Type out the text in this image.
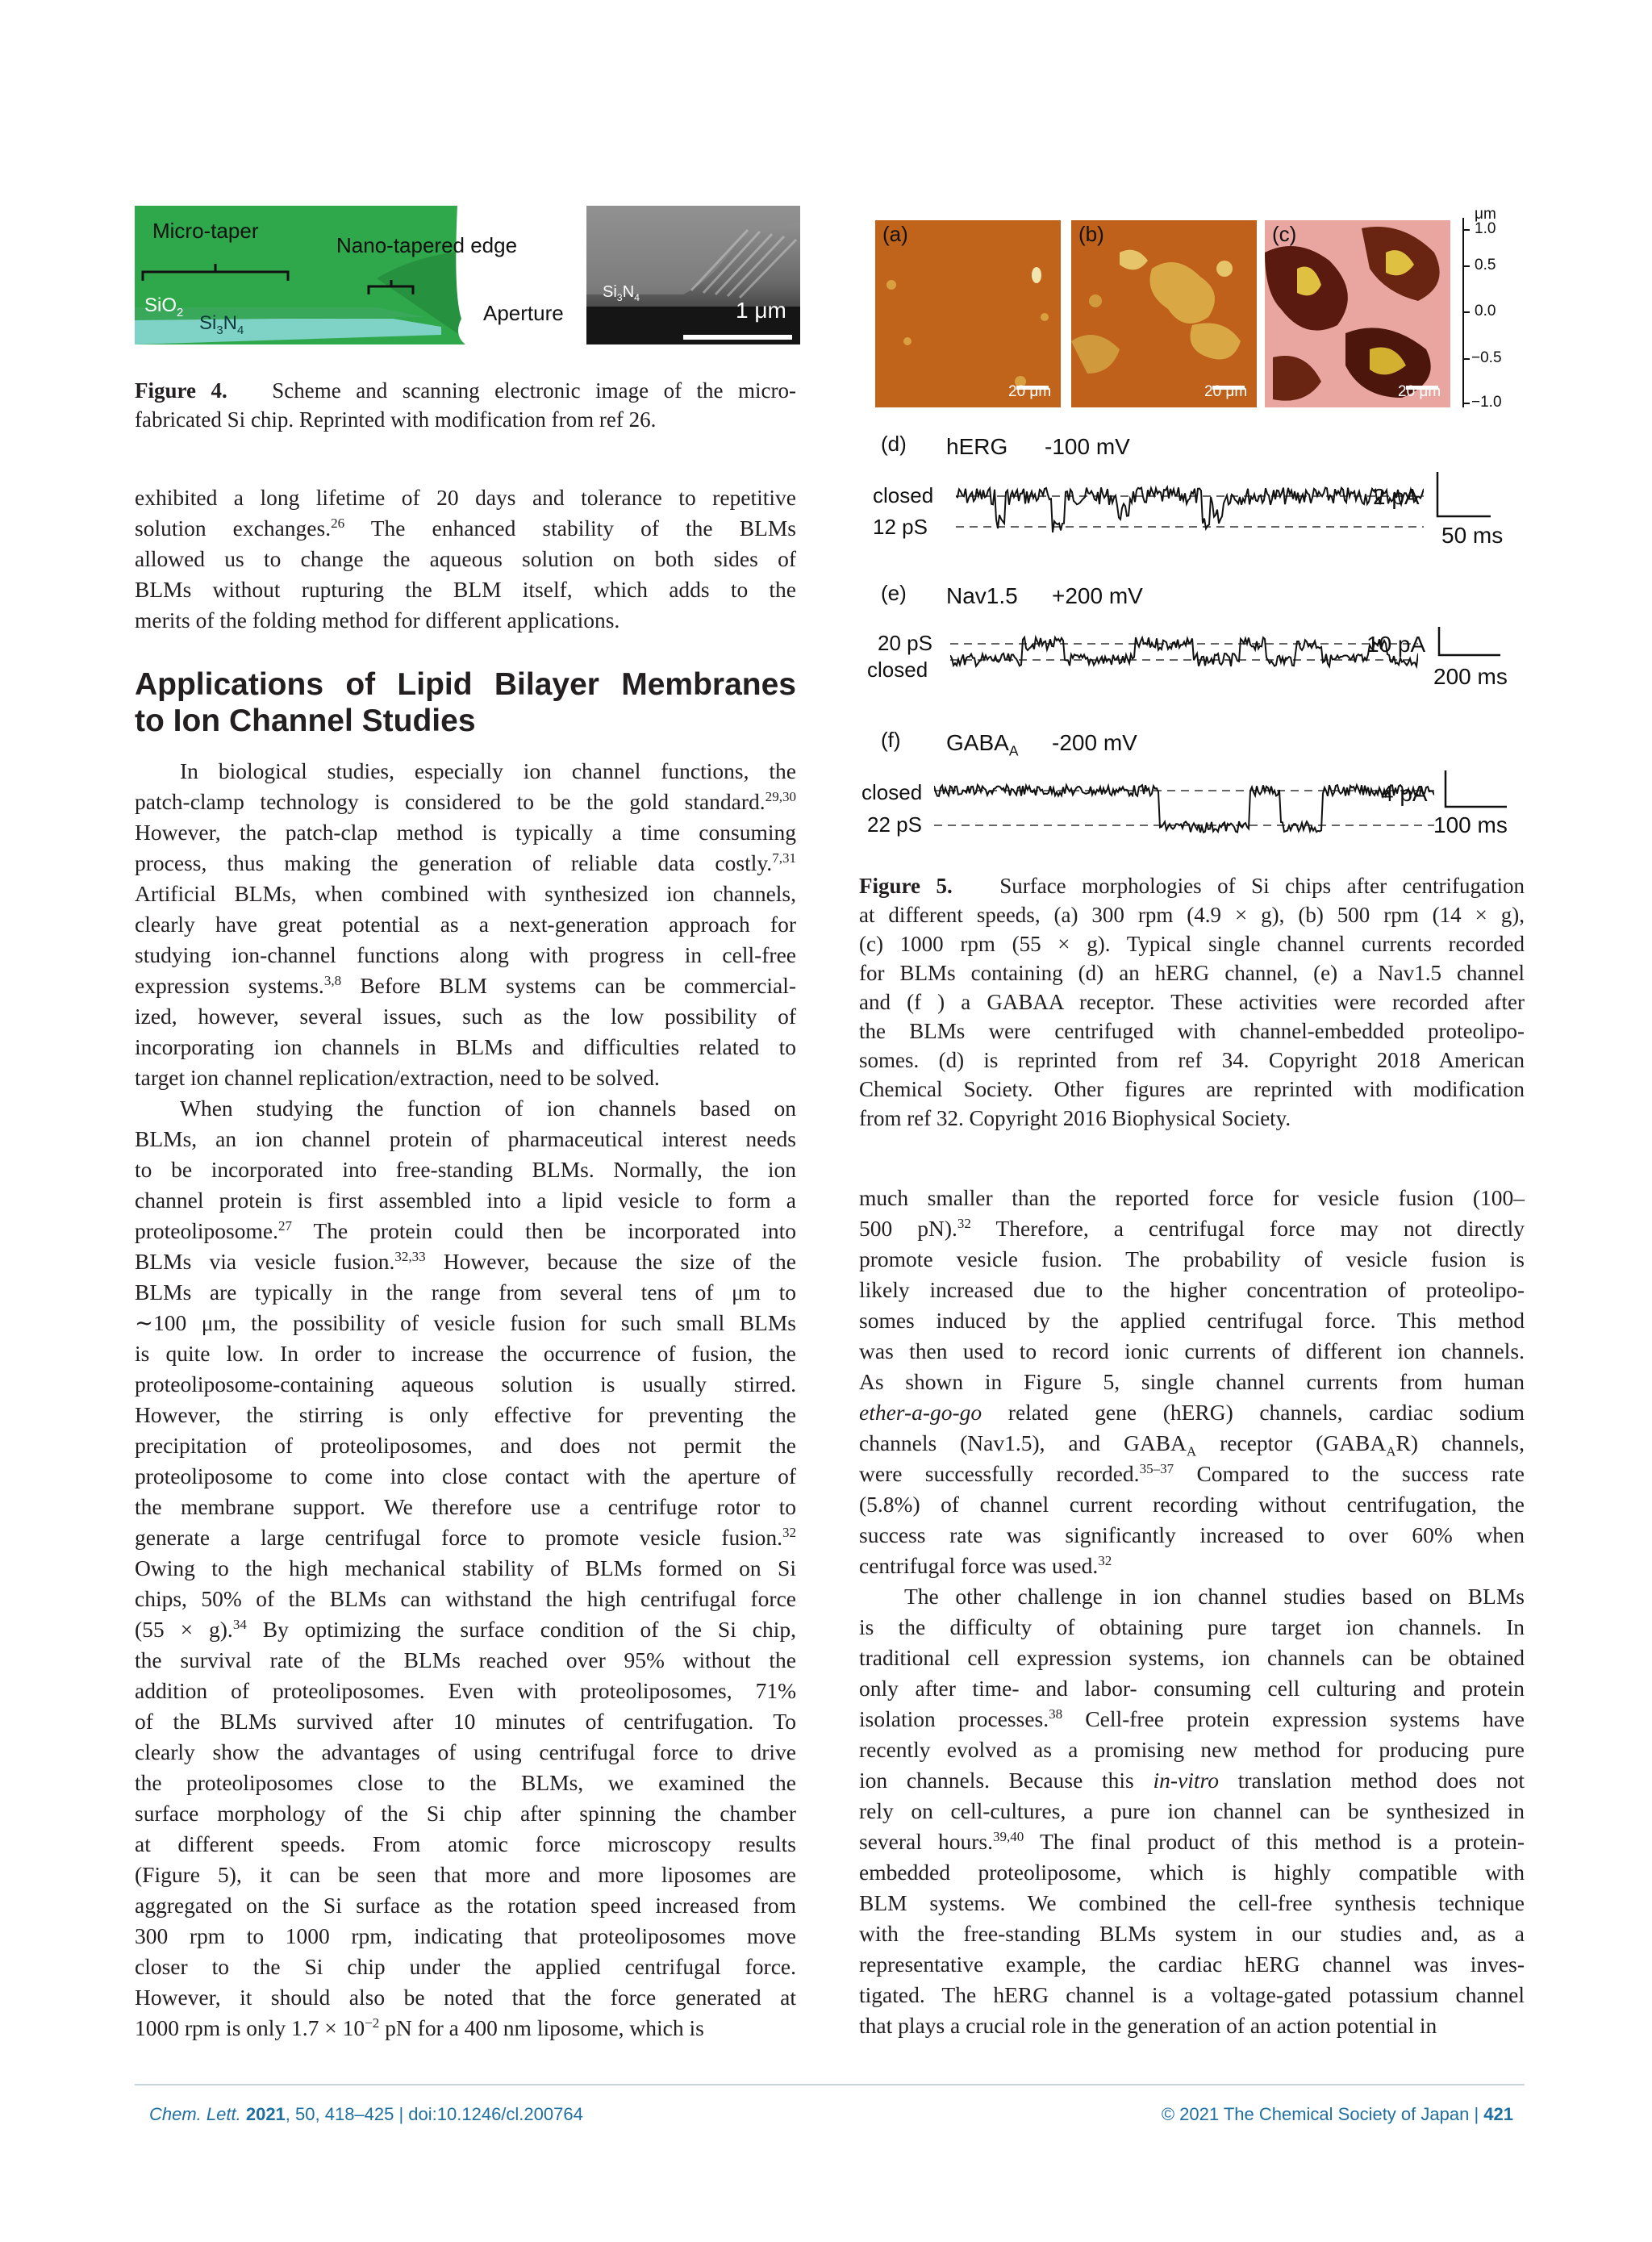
Micro-taper
Nano-tapered edge
SiO$_2$ $Si_3N_4$
Aperture
$Si_3N_4$	1 μm
Figure 4. Scheme and scanning electronic image of the micro-
fabricated Si chip. Reprinted with modification from ref 26.
exhibited a long lifetime of 20 days and tolerance to repetitive
solution exchanges.$^{26}$ The enhanced stability of the BLMs
allowed us to change the aqueous solution on both sides of
BLMs without rupturing the BLM itself, which adds to the
merits of the folding method for different applications.
Applications of Lipid Bilayer Membranes
to Ion Channel Studies
In biological studies, especially ion channel functions, the
patch-clamp technology is considered to be the gold standard.$^{29,30}$
However, the patch-clap method is typically a time consuming
process, thus making the generation of reliable data costly.$^{7,31}$
Artificial BLMs, when combined with synthesized ion channels,
clearly have great potential as a next-generation approach for
studying ion-channel functions along with progress in cell-free
expression systems.$^{3,8}$ Before BLM systems can be commercial-
ized, however, several issues, such as the low possibility of
incorporating ion channels in BLMs and difficulties related to
target ion channel replication/extraction, need to be solved.
When studying the function of ion channels based on
BLMs, an ion channel protein of pharmaceutical interest needs
to be incorporated into free-standing BLMs. Normally, the ion
channel protein is first assembled into a lipid vesicle to form a
proteoliposome.$^{27}$ The protein could then be incorporated into
BLMs via vesicle fusion.$^{32,33}$ However, because the size of the
BLMs are typically in the range from several tens of μm to
∼100 μm, the possibility of vesicle fusion for such small BLMs
is quite low. In order to increase the occurrence of fusion, the
proteoliposome-containing aqueous solution is usually stirred.
However, the stirring is only effective for preventing the
precipitation of proteoliposomes, and does not permit the
proteoliposome to come into close contact with the aperture of
the membrane support. We therefore use a centrifuge rotor to
generate a large centrifugal force to promote vesicle fusion.$^{32}$
Owing to the high mechanical stability of BLMs formed on Si
chips, 50% of the BLMs can withstand the high centrifugal force
(55 × g).$^{34}$ By optimizing the surface condition of the Si chip,
the survival rate of the BLMs reached over 95% without the
addition of proteoliposomes. Even with proteoliposomes, 71%
of the BLMs survived after 10 minutes of centrifugation. To
clearly show the advantages of using centrifugal force to drive
the proteoliposomes close to the BLMs, we examined the
surface morphology of the Si chip after spinning the chamber
at different speeds. From atomic force microscopy results
(Figure 5), it can be seen that more and more liposomes are
aggregated on the Si surface as the rotation speed increased from
300 rpm to 1000 rpm, indicating that proteoliposomes move
closer to the Si chip under the applied centrifugal force.
However, it should also be noted that the force generated at
1000 rpm is only $1.7 \times 10^{-2}$ pN for a 400 nm liposome, which is
(a)
20 μm
(b)
20 μm
(c)
20 μm
μm
1.0
0.5
0.0
−0.5
−1.0
(d) hERG -100 mV
closed
12 pS
2 pA
50 ms
(e) Nav1.5 +200 mV
20 pS
closed
10 pA
200 ms
(f) $GABA_A$ -200 mV
closed
22 pS
4 pA
100 ms
Figure 5. Surface morphologies of Si chips after centrifugation
at different speeds, (a) 300 rpm (4.9 × g), (b) 500 rpm (14 × g),
(c) 1000 rpm (55 × g). Typical single channel currents recorded
for BLMs containing (d) an hERG channel, (e) a Nav1.5 channel
and (f ) a GABAA receptor. These activities were recorded after
the BLMs were centrifuged with channel-embedded proteolipo-
somes. (d) is reprinted from ref 34. Copyright 2018 American
Chemical Society. Other figures are reprinted with modification
from ref 32. Copyright 2016 Biophysical Society.
much smaller than the reported force for vesicle fusion (100–
500 pN).$^{32}$ Therefore, a centrifugal force may not directly
promote vesicle fusion. The probability of vesicle fusion is
likely increased due to the higher concentration of proteolipo-
somes induced by the applied centrifugal force. This method
was then used to record ionic currents of different ion channels.
As shown in Figure 5, single channel currents from human
ether-a-go-go related gene (hERG) channels, cardiac sodium
channels (Nav1.5), and $GABA_A$ receptor $(GABA_AR)$ channels,
were successfully recorded.$^{35-37}$ Compared to the success rate
(5.8%) of channel current recording without centrifugation, the
success rate was significantly increased to over 60% when
centrifugal force was used.$^{32}$
The other challenge in ion channel studies based on BLMs
is the difficulty of obtaining pure target ion channels. In
traditional cell expression systems, ion channels can be obtained
only after time- and labor- consuming cell culturing and protein
isolation processes.$^{38}$ Cell-free protein expression systems have
recently evolved as a promising new method for producing pure
ion channels. Because this in-vitro translation method does not
rely on cell-cultures, a pure ion channel can be synthesized in
several hours.$^{39,40}$ The final product of this method is a protein-
embedded proteoliposome, which is highly compatible with
BLM systems. We combined the cell-free synthesis technique
with the free-standing BLMs system in our studies and, as a
representative example, the cardiac hERG channel was inves-
tigated. The hERG channel is a voltage-gated potassium channel
that plays a crucial role in the generation of an action potential in
Chem. Lett. 2021, 50, 418–425 | doi:10.1246/cl.200764	© 2021 The Chemical Society of Japan | 421
